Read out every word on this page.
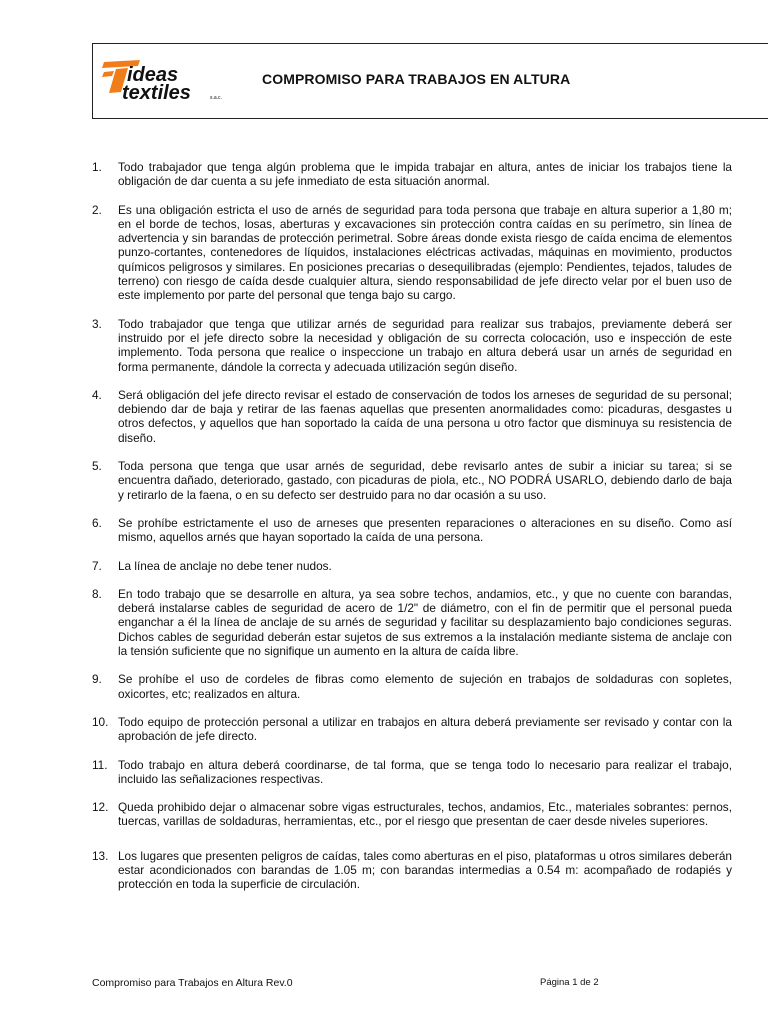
ideas
textiles	s.a.c.
COMPROMISO PARA TRABAJOS EN ALTURA
1. Todo trabajador que tenga algún problema que le impida trabajar en altura, antes de iniciar los trabajos tiene la obligación de dar cuenta a su jefe inmediato de esta situación anormal.
2. Es una obligación estricta el uso de arnés de seguridad para toda persona que trabaje en altura superior a 1,80 m; en el borde de techos, losas, aberturas y excavaciones sin protección contra caídas en su perímetro, sin línea de advertencia y sin barandas de protección perimetral. Sobre áreas donde exista riesgo de caída encima de elementos punzo-cortantes, contenedores de líquidos, instalaciones eléctricas activadas, máquinas en movimiento, productos químicos peligrosos y similares. En posiciones precarias o desequilibradas (ejemplo: Pendientes, tejados, taludes de terreno) con riesgo de caída desde cualquier altura, siendo responsabilidad de jefe directo velar por el buen uso de este implemento por parte del personal que tenga bajo su cargo.
3. Todo trabajador que tenga que utilizar arnés de seguridad para realizar sus trabajos, previamente deberá ser instruido por el jefe directo sobre la necesidad y obligación de su correcta colocación, uso e inspección de este implemento. Toda persona que realice o inspeccione un trabajo en altura deberá usar un arnés de seguridad en forma permanente, dándole la correcta y adecuada utilización según diseño.
4. Será obligación del jefe directo revisar el estado de conservación de todos los arneses de seguridad de su personal; debiendo dar de baja y retirar de las faenas aquellas que presenten anormalidades como: picaduras, desgastes u otros defectos, y aquellos que han soportado la caída de una persona u otro factor que disminuya su resistencia de diseño.
5. Toda persona que tenga que usar arnés de seguridad, debe revisarlo antes de subir a iniciar su tarea; si se encuentra dañado, deteriorado, gastado, con picaduras de piola, etc., NO PODRÁ USARLO, debiendo darlo de baja y retirarlo de la faena, o en su defecto ser destruido para no dar ocasión a su uso.
6. Se prohíbe estrictamente el uso de arneses que presenten reparaciones o alteraciones en su diseño. Como así mismo, aquellos arnés que hayan soportado la caída de una persona.
7. La línea de anclaje no debe tener nudos.
8. En todo trabajo que se desarrolle en altura, ya sea sobre techos, andamios, etc., y que no cuente con barandas, deberá instalarse cables de seguridad de acero de 1/2" de diámetro, con el fin de permitir que el personal pueda enganchar a él la línea de anclaje de su arnés de seguridad y facilitar su desplazamiento bajo condiciones seguras. Dichos cables de seguridad deberán estar sujetos de sus extremos a la instalación mediante sistema de anclaje con la tensión suficiente que no signifique un aumento en la altura de caída libre.
9. Se prohíbe el uso de cordeles de fibras como elemento de sujeción en trabajos de soldaduras con sopletes, oxicortes, etc; realizados en altura.
10. Todo equipo de protección personal a utilizar en trabajos en altura deberá previamente ser revisado y contar con la aprobación de jefe directo.
11. Todo trabajo en altura deberá coordinarse, de tal forma, que se tenga todo lo necesario para realizar el trabajo, incluido las señalizaciones respectivas.
12. Queda prohibido dejar o almacenar sobre vigas estructurales, techos, andamios, Etc., materiales sobrantes: pernos, tuercas, varillas de soldaduras, herramientas, etc., por el riesgo que presentan de caer desde niveles superiores.
13. Los lugares que presenten peligros de caídas, tales como aberturas en el piso, plataformas u otros similares deberán estar acondicionados con barandas de 1.05 m; con barandas intermedias a 0.54 m: acompañado de rodapiés y protección en toda la superficie de circulación.
Compromiso para Trabajos en Altura Rev.0	Página 1 de 2
